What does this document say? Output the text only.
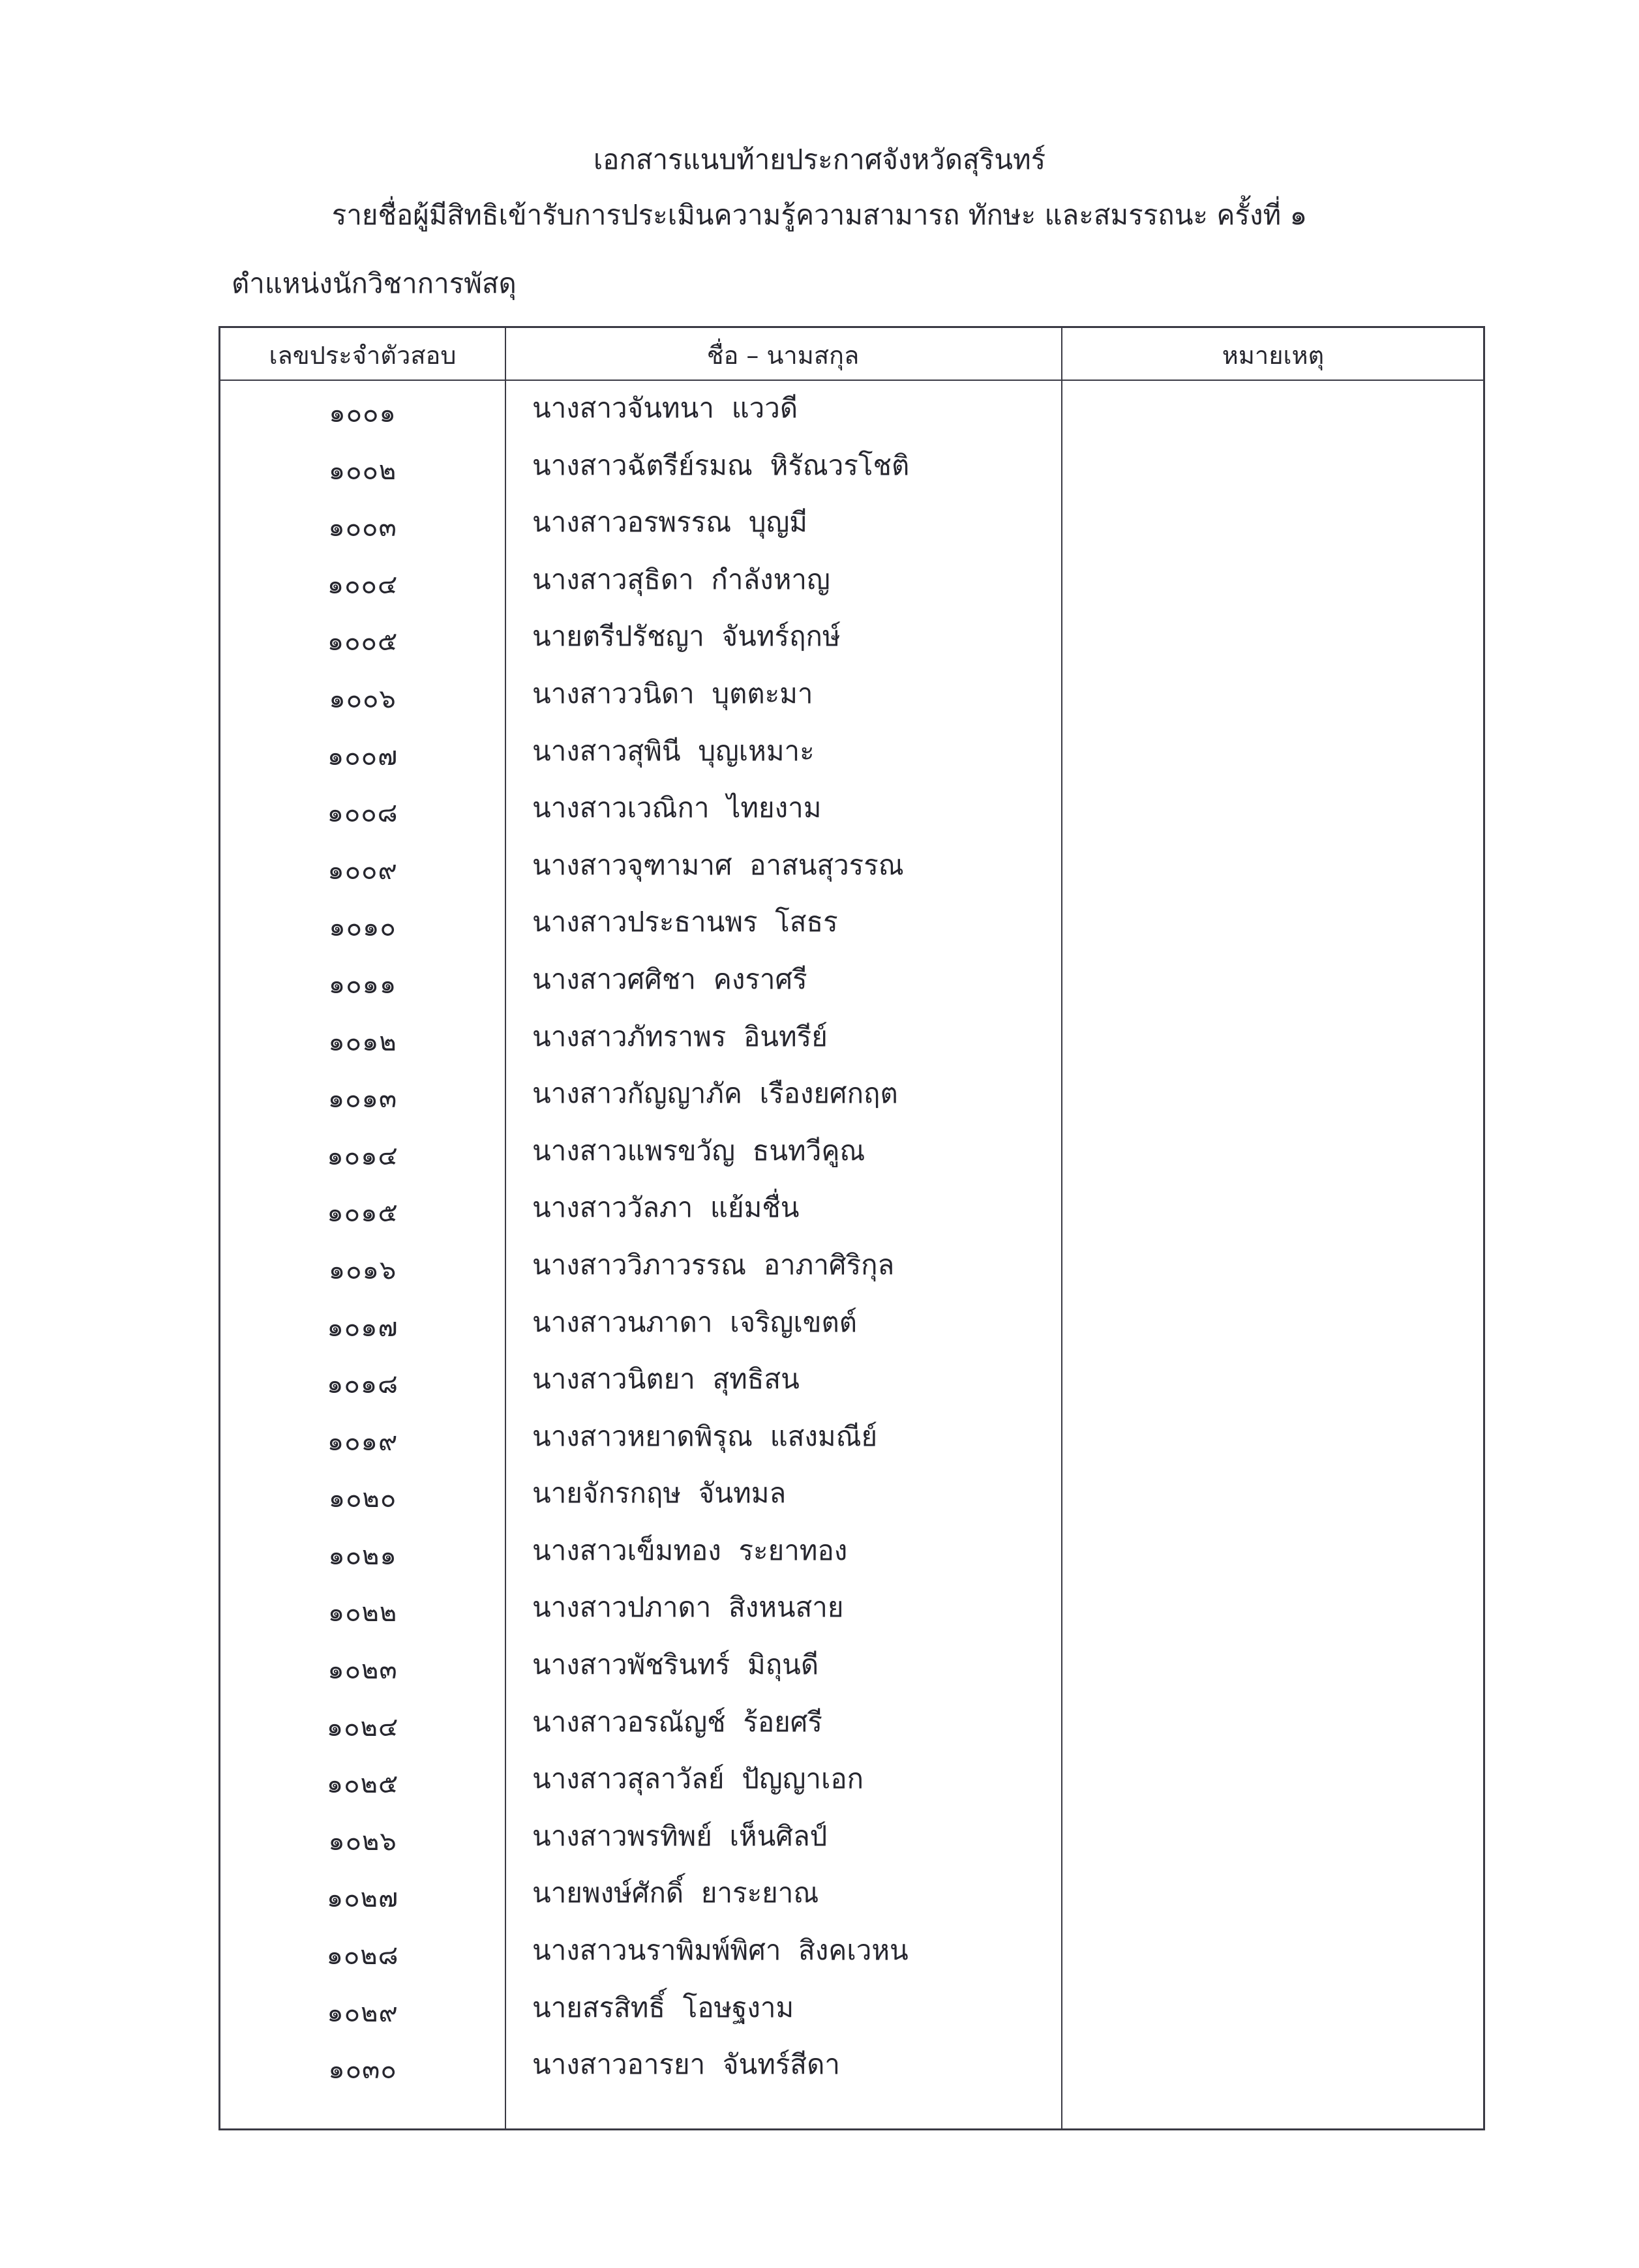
เอกสารแนบท้ายประกาศจังหวัดสุรินทร์
รายชื่อผู้มีสิทธิเข้ารับการประเมินความรู้ความสามารถ ทักษะ และสมรรถนะ ครั้งที่ ๑
ตำแหน่งนักวิชาการพัสดุ
เลขประจำตัวสอบ	ชื่อ – นามสกุล	หมายเหตุ
๑๐๐๑	นางสาวจันทนา  แววดี
๑๐๐๒	นางสาวฉัตรีย์รมณ  หิรัณวรโชติ
๑๐๐๓	นางสาวอรพรรณ  บุญมี
๑๐๐๔	นางสาวสุธิดา  กำลังหาญ
๑๐๐๕	นายตรีปรัชญา  จันทร์ฤกษ์
๑๐๐๖	นางสาววนิดา  บุตตะมา
๑๐๐๗	นางสาวสุพินี  บุญเหมาะ
๑๐๐๘	นางสาวเวณิกา  ไทยงาม
๑๐๐๙	นางสาวจุฑามาศ  อาสนสุวรรณ
๑๐๑๐	นางสาวประธานพร  โสธร
๑๐๑๑	นางสาวศศิชา  คงราศรี
๑๐๑๒	นางสาวภัทราพร  อินทรีย์
๑๐๑๓	นางสาวกัญญาภัค  เรืองยศกฤต
๑๐๑๔	นางสาวแพรขวัญ  ธนทวีคูณ
๑๐๑๕	นางสาววัลภา  แย้มชื่น
๑๐๑๖	นางสาววิภาวรรณ  อาภาศิริกุล
๑๐๑๗	นางสาวนภาดา  เจริญเขตต์
๑๐๑๘	นางสาวนิตยา  สุทธิสน
๑๐๑๙	นางสาวหยาดพิรุณ  แสงมณีย์
๑๐๒๐	นายจักรกฤษ  จันทมล
๑๐๒๑	นางสาวเข็มทอง  ระยาทอง
๑๐๒๒	นางสาวปภาดา  สิงหนสาย
๑๐๒๓	นางสาวพัชรินทร์  มิถุนดี
๑๐๒๔	นางสาวอรณัญช์  ร้อยศรี
๑๐๒๕	นางสาวสุลาวัลย์  ปัญญาเอก
๑๐๒๖	นางสาวพรทิพย์  เห็นศิลป์
๑๐๒๗	นายพงษ์ศักดิ์  ยาระยาณ
๑๐๒๘	นางสาวนราพิมพ์พิศา  สิงคเวหน
๑๐๒๙	นายสรสิทธิ์  โอษฐงาม
๑๐๓๐	นางสาวอารยา  จันทร์สีดา
